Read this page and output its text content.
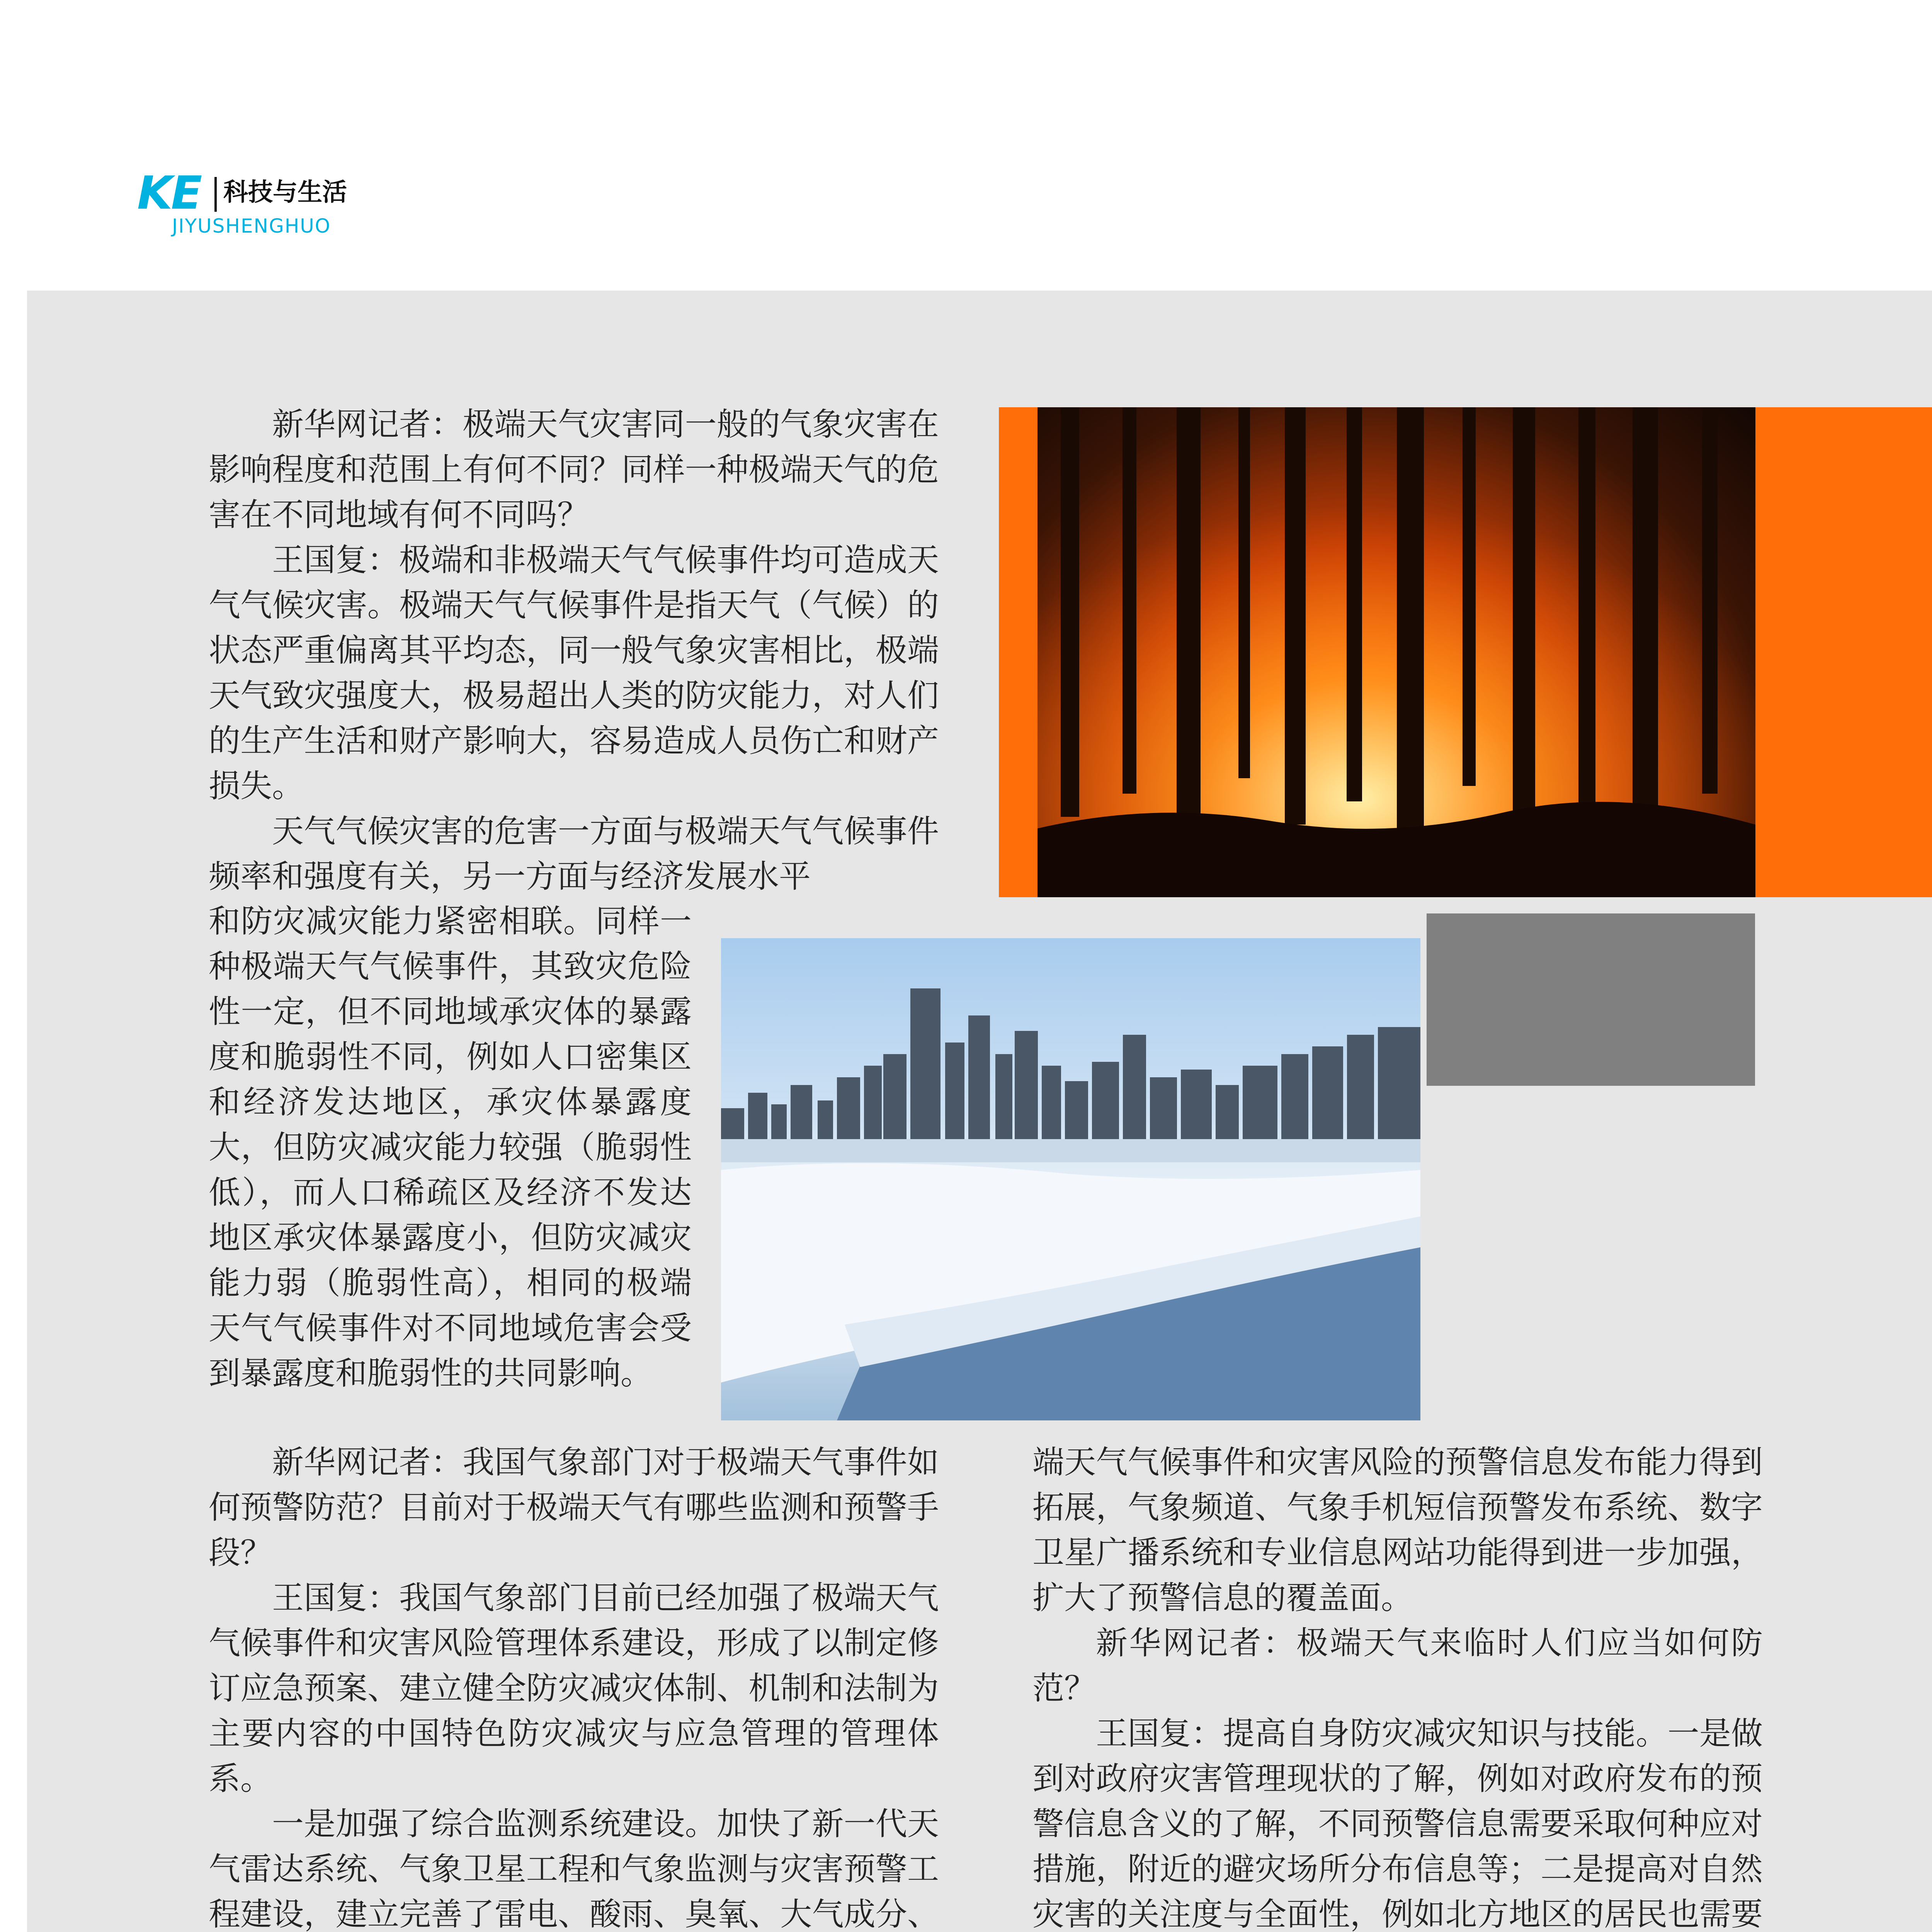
KE 科技与生活
JIYUSHENGHUO

新华网记者：极端天气灾害同一般的气象灾害在影响程度和范围上有何不同？同样一种极端天气的危害在不同地域有何不同吗？

王国复：极端和非极端天气气候事件均可造成天气气候灾害。极端天气气候事件是指天气（气候）的状态严重偏离其平均态，同一般气象灾害相比，极端天气致灾强度大，极易超出人类的防灾能力，对人们的生产生活和财产影响大，容易造成人员伤亡和财产损失。

天气气候灾害的危害一方面与极端天气气候事件频率和强度有关，另一方面与经济发展水平

和防灾减灾能力紧密相联。同样一种极端天气气候事件，其致灾危险性一定，但不同地域承灾体的暴露度和脆弱性不同，例如人口密集区和经济发达地区，承灾体暴露度大，但防灾减灾能力较强（脆弱性低），而人口稀疏区及经济不发达地区承灾体暴露度小，但防灾减灾能力弱（脆弱性高），相同的极端天气气候事件对不同地域危害会受到暴露度和脆弱性的共同影响。

新华网记者：我国气象部门对于极端天气事件如何预警防范？目前对于极端天气有哪些监测和预警手段？

王国复：我国气象部门目前已经加强了极端天气气候事件和灾害风险管理体系建设，形成了以制定修订应急预案、建立健全防灾减灾体制、机制和法制为主要内容的中国特色防灾减灾与应急管理的管理体系。

一是加强了综合监测系统建设。加快了新一代天气雷达系统、气象卫星工程和气象监测与灾害预警工程建设，建立完善了雷电、酸雨、臭氧、大气成分、

端天气气候事件和灾害风险的预警信息发布能力得到拓展，气象频道、气象手机短信预警发布系统、数字卫星广播系统和专业信息网站功能得到进一步加强，扩大了预警信息的覆盖面。

新华网记者：极端天气来临时人们应当如何防范？

王国复：提高自身防灾减灾知识与技能。一是做到对政府灾害管理现状的了解，例如对政府发布的预警信息含义的了解，不同预警信息需要采取何种应对措施，附近的避灾场所分布信息等；二是提高对自然灾害的关注度与全面性，例如北方地区的居民也需要
